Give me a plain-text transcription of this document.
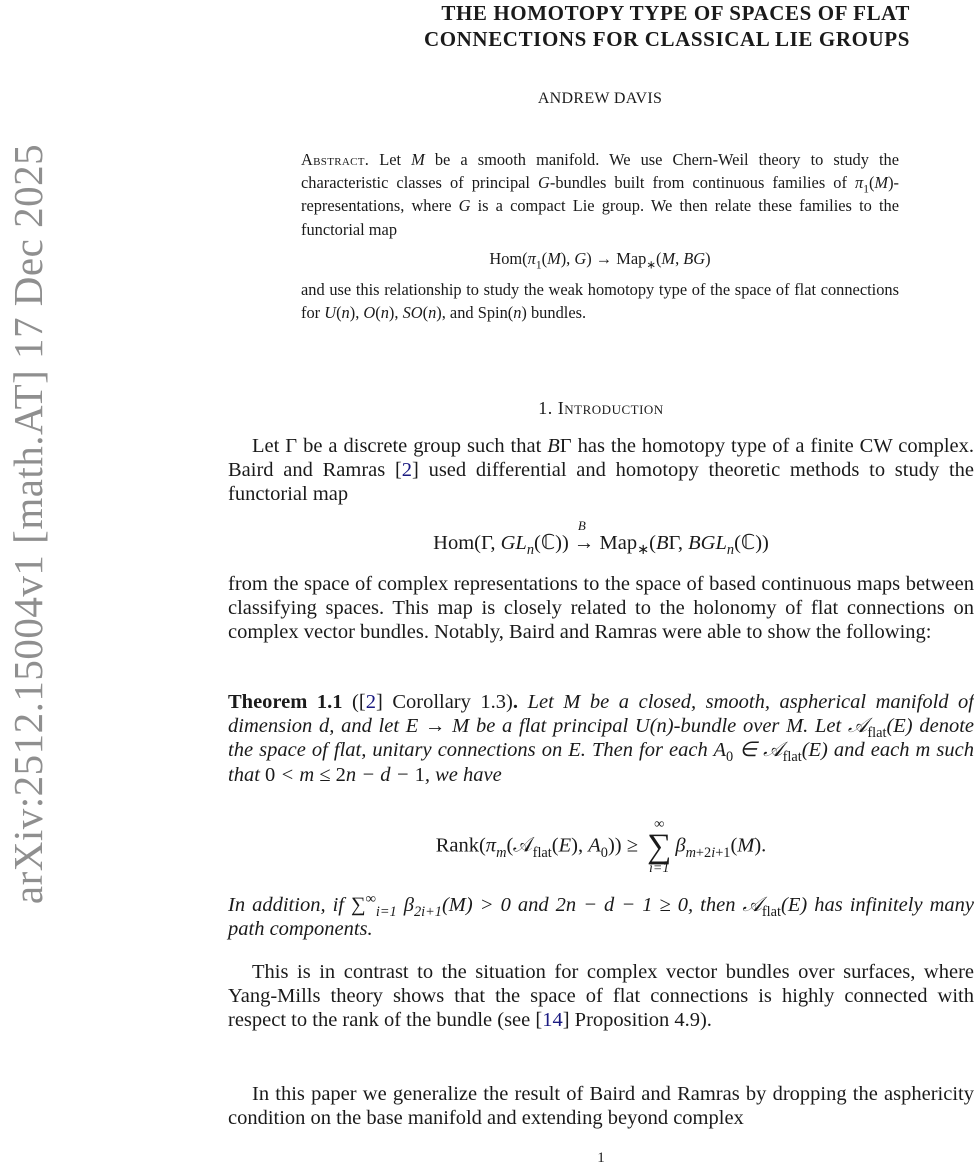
arXiv:2512.15004v1 [math.AT] 17 Dec 2025
THE HOMOTOPY TYPE OF SPACES OF FLAT
CONNECTIONS FOR CLASSICAL LIE GROUPS
ANDREW DAVIS
Abstract. Let M be a smooth manifold. We use Chern-Weil theory to study the characteristic classes of principal G-bundles built from continuous families of $\pi_1(M)$-representations, where G is a compact Lie group. We then relate these families to the functorial map
$Hom(\pi_1(M)$, G) → Map$_∗$(M, BG)
and use this relationship to study the weak homotopy type of the space of flat connections for U(n), O(n), SO(n), and Spin(n) bundles.
1. Introduction
Let Γ be a discrete group such that BΓ has the homotopy type of a finite CW complex. Baird and Ramras [2] used differential and homotopy theoretic methods to study the functorial map
Hom(Γ, $GL_n(ℂ)$) →
B
Map$_∗$(BΓ, $BGL_n(ℂ)$)
from the space of complex representations to the space of based continuous maps between classifying spaces. This map is closely related to the holonomy of flat connections on complex vector bundles. Notably, Baird and Ramras were able to show the following:
Theorem 1.1 ([2] Corollary 1.3). Let M be a closed, smooth, aspherical manifold of dimension d, and let E → M be a flat principal U(n)-bundle over M. Let 𝒜$_{flat}$(E) denote the space of flat, unitary connections on E. Then for each $A_0$ ∈ 𝒜$_{flat}$(E) and each m such that 0 < m ≤ 2n − d − 1, we have
$Rank(\pi_m(𝒜_{flat}(E)$, $A_0$)) ≥
∞
∑
i=1
$\beta_{m+2i+1}(M)$.
In addition, if $\sum^\infty_{i=1}$ $\beta_{2i+1}(M) > 0$ and 2n − d − 1 ≥ 0, then 𝒜$_{flat}$(E) has infinitely many path components.
This is in contrast to the situation for complex vector bundles over surfaces, where Yang-Mills theory shows that the space of flat connections is highly connected with respect to the rank of the bundle (see [14] Proposition 4.9).
In this paper we generalize the result of Baird and Ramras by dropping the asphericity condition on the base manifold and extending beyond complex
1
